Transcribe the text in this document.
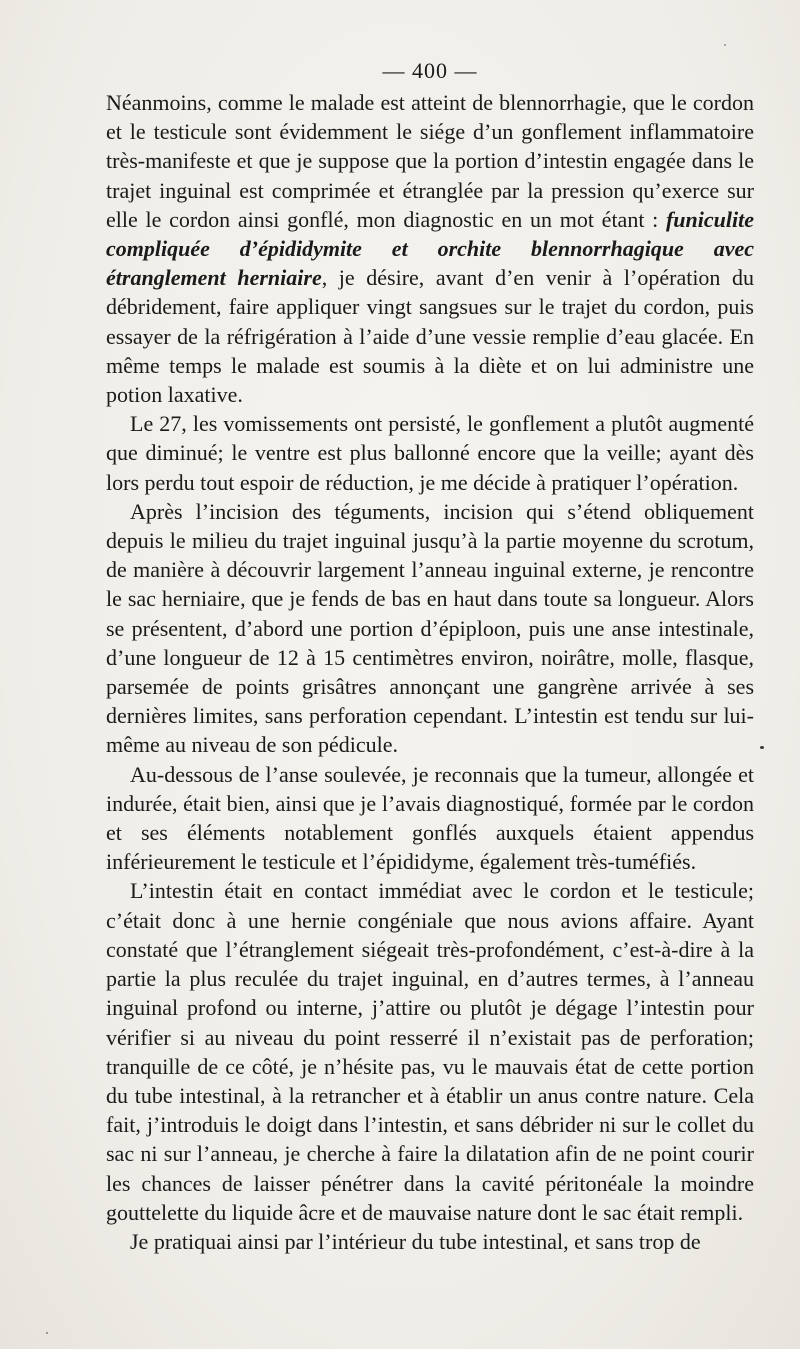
— 400 —

Néanmoins, comme le malade est atteint de blennorrhagie, que le cordon et le testicule sont évidemment le siége d’un gonflement inflammatoire très-manifeste et que je suppose que la portion d’intestin engagée dans le trajet inguinal est comprimée et étranglée par la pression qu’exerce sur elle le cordon ainsi gonflé, mon diagnostic en un mot étant : funiculite compliquée d’épididymite et orchite blennorrhagique avec étranglement herniaire, je désire, avant d’en venir à l’opération du débridement, faire appliquer vingt sangsues sur le trajet du cordon, puis essayer de la réfrigération à l’aide d’une vessie remplie d’eau glacée. En même temps le malade est soumis à la diète et on lui administre une potion laxative.

Le 27, les vomissements ont persisté, le gonflement a plutôt augmenté que diminué; le ventre est plus ballonné encore que la veille; ayant dès lors perdu tout espoir de réduction, je me décide à pratiquer l’opération.

Après l’incision des téguments, incision qui s’étend obliquement depuis le milieu du trajet inguinal jusqu’à la partie moyenne du scrotum, de manière à découvrir largement l’anneau inguinal externe, je rencontre le sac herniaire, que je fends de bas en haut dans toute sa longueur. Alors se présentent, d’abord une portion d’épiploon, puis une anse intestinale, d’une longueur de 12 à 15 centimètres environ, noirâtre, molle, flasque, parsemée de points grisâtres annonçant une gangrène arrivée à ses dernières limites, sans perforation cependant. L’intestin est tendu sur lui-même au niveau de son pédicule.

Au-dessous de l’anse soulevée, je reconnais que la tumeur, allongée et indurée, était bien, ainsi que je l’avais diagnostiqué, formée par le cordon et ses éléments notablement gonflés auxquels étaient appendus inférieurement le testicule et l’épididyme, également très-tuméfiés.

L’intestin était en contact immédiat avec le cordon et le testicule; c’était donc à une hernie congéniale que nous avions affaire. Ayant constaté que l’étranglement siégeait très-profondément, c’est-à-dire à la partie la plus reculée du trajet inguinal, en d’autres termes, à l’anneau inguinal profond ou interne, j’attire ou plutôt je dégage l’intestin pour vérifier si au niveau du point resserré il n’existait pas de perforation; tranquille de ce côté, je n’hésite pas, vu le mauvais état de cette portion du tube intestinal, à la retrancher et à établir un anus contre nature. Cela fait, j’introduis le doigt dans l’intestin, et sans débrider ni sur le collet du sac ni sur l’anneau, je cherche à faire la dilatation afin de ne point courir les chances de laisser pénétrer dans la cavité péritonéale la moindre gouttelette du liquide âcre et de mauvaise nature dont le sac était rempli.

Je pratiquai ainsi par l’intérieur du tube intestinal, et sans trop de
